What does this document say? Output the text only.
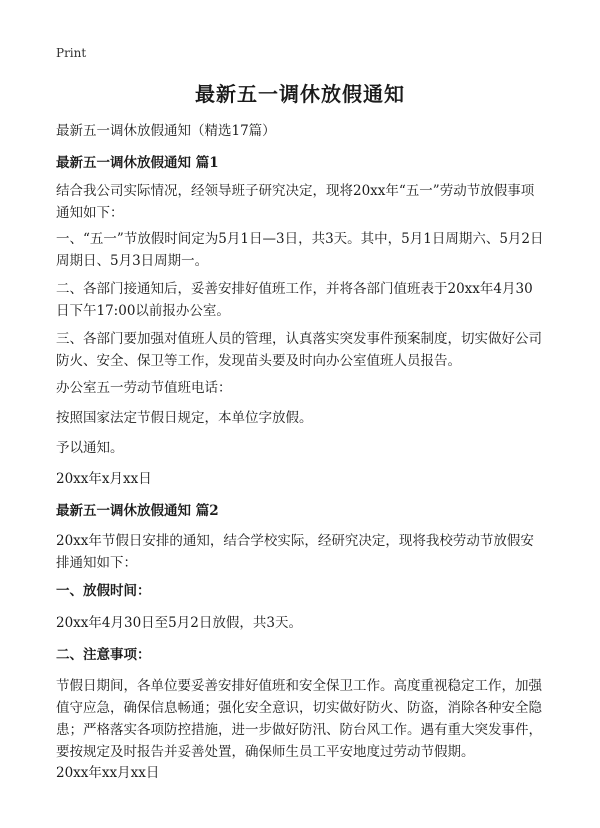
Print
最新五一调休放假通知

最新五一调休放假通知（精选17篇）

最新五一调休放假通知 篇1

结合我公司实际情况，经领导班子研究决定，现将20xx年“五一”劳动节放假事项通知如下：

一、“五一”节放假时间定为5月1日—3日，共3天。其中，5月1日周期六、5月2日周期日、5月3日周期一。

二、各部门接通知后，妥善安排好值班工作，并将各部门值班表于20xx年4月30日下午17:00以前报办公室。

三、各部门要加强对值班人员的管理，认真落实突发事件预案制度，切实做好公司防火、安全、保卫等工作，发现苗头要及时向办公室值班人员报告。

办公室五一劳动节值班电话：

按照国家法定节假日规定，本单位字放假。

予以通知。

20xx年x月xx日

最新五一调休放假通知 篇2

20xx年节假日安排的通知，结合学校实际，经研究决定，现将我校劳动节放假安排通知如下：

一、放假时间：

20xx年4月30日至5月2日放假，共3天。

二、注意事项：

节假日期间，各单位要妥善安排好值班和安全保卫工作。高度重视稳定工作，加强值守应急，确保信息畅通；强化安全意识，切实做好防火、防盗，消除各种安全隐患；严格落实各项防控措施，进一步做好防汛、防台风工作。遇有重大突发事件，要按规定及时报告并妥善处置，确保师生员工平安地度过劳动节假期。

20xx年xx月xx日
